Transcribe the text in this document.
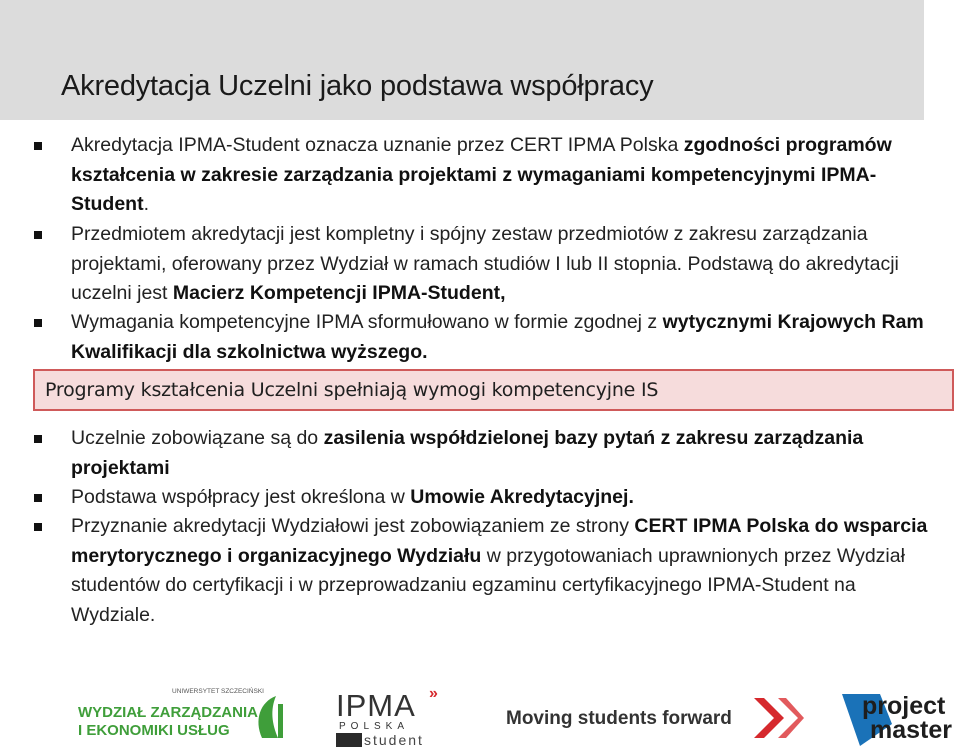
Akredytacja Uczelni jako podstawa współpracy
Akredytacja IPMA-Student oznacza uznanie przez CERT IPMA Polska zgodności programów kształcenia w zakresie zarządzania projektami z wymaganiami kompetencyjnymi IPMA-Student.
Przedmiotem akredytacji jest kompletny i spójny zestaw przedmiotów z zakresu zarządzania projektami, oferowany przez Wydział w ramach studiów I lub II stopnia. Podstawą do akredytacji uczelni jest Macierz Kompetencji IPMA-Student,
Wymagania kompetencyjne IPMA sformułowano w formie zgodnej z wytycznymi Krajowych Ram Kwalifikacji dla szkolnictwa wyższego.
Uczelnie zobowiązane są do zasilenia współdzielonej bazy pytań z zakresu zarządzania projektami
Podstawa współpracy jest określona w Umowie Akredytacyjnej.
Przyznanie akredytacji Wydziałowi jest zobowiązaniem ze strony CERT IPMA Polska do wsparcia merytorycznego i organizacyjnego Wydziału w przygotowaniach uprawnionych przez Wydział studentów do certyfikacji i w przeprowadzaniu egzaminu certyfikacyjnego IPMA-Student na Wydziale.
Programy kształcenia Uczelni spełniają wymogi kompetencyjne IS
UNIWERSYTET SZCZECIŃSKI
WYDZIAŁ ZARZĄDZANIA
I EKONOMIKI USŁUG
IPMA »
POLSKA
student
Moving students forward	project
master
